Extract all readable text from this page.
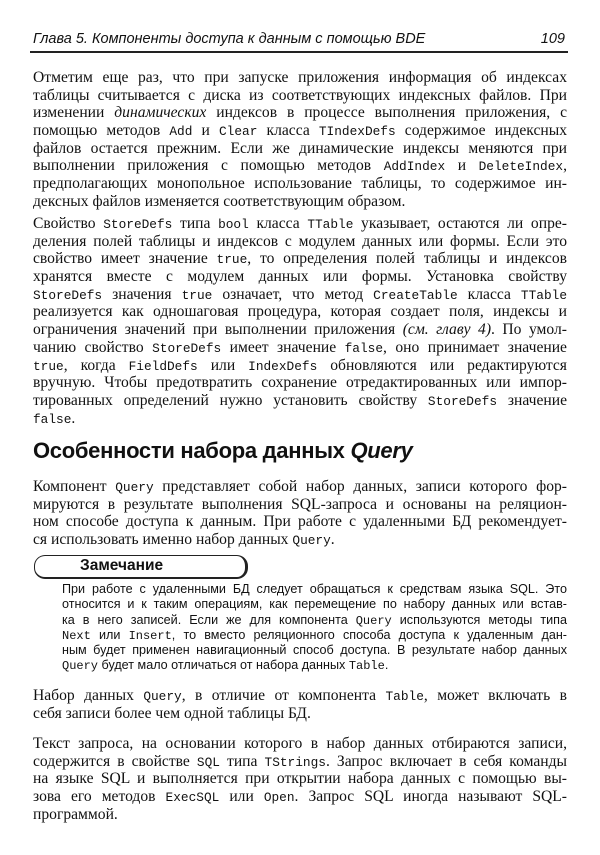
Глава 5. Компоненты доступа к данным с помощью BDE	109
Отметим еще раз, что при запуске приложения информация об индексах
таблицы считывается с диска из соответствующих индексных файлов. При
изменении динамических индексов в процессе выполнения приложения, с
помощью методов Add и Clear класса TIndexDefs содержимое индексных
файлов остается прежним. Если же динамические индексы меняются при
выполнении приложения с помощью методов AddIndex и DeleteIndex,
предполагающих монопольное использование таблицы, то содержимое ин-
дексных файлов изменяется соответствующим образом.
Свойство StoreDefs типа bool класса TTable указывает, остаются ли опре-
деления полей таблицы и индексов с модулем данных или формы. Если это
свойство имеет значение true, то определения полей таблицы и индексов
хранятся вместе с модулем данных или формы. Установка свойству
StoreDefs значения true означает, что метод CreateTable класса TTable
реализуется как одношаговая процедура, которая создает поля, индексы и
ограничения значений при выполнении приложения (см. главу 4). По умол-
чанию свойство StoreDefs имеет значение false, оно принимает значение
true, когда FieldDefs или IndexDefs обновляются или редактируются
вручную. Чтобы предотвратить сохранение отредактированных или импор-
тированных определений нужно установить свойству StoreDefs значение
false.
Особенности набора данных Query
Компонент Query представляет собой набор данных, записи которого фор-
мируются в результате выполнения SQL-запроса и основаны на реляцион-
ном способе доступа к данным. При работе с удаленными БД рекомендует-
ся использовать именно набор данных Query.
Замечание
При работе с удаленными БД следует обращаться к средствам языка SQL. Это
относится и к таким операциям, как перемещение по набору данных или встав-
ка в него записей. Если же для компонента Query используются методы типа
Next или Insert, то вместо реляционного способа доступа к удаленным дан-
ным будет применен навигационный способ доступа. В результате набор данных
Query будет мало отличаться от набора данных Table.
Набор данных Query, в отличие от компонента Table, может включать в
себя записи более чем одной таблицы БД.
Текст запроса, на основании которого в набор данных отбираются записи,
содержится в свойстве SQL типа TStrings. Запрос включает в себя команды
на языке SQL и выполняется при открытии набора данных с помощью вы-
зова его методов ExecSQL или Open. Запрос SQL иногда называют SQL-
программой.
